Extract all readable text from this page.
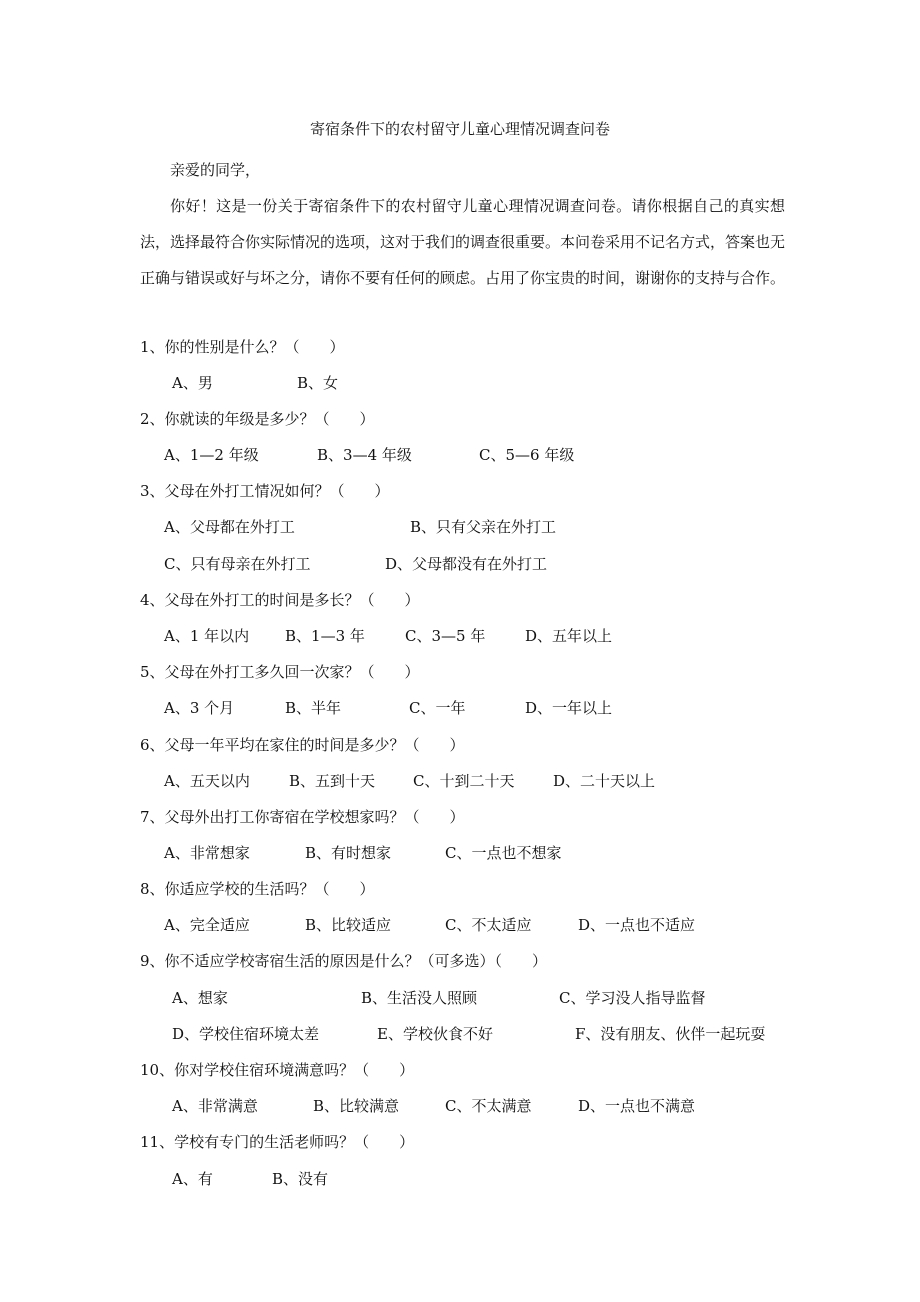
寄宿条件下的农村留守儿童心理情况调查问卷
亲爱的同学，
你好！这是一份关于寄宿条件下的农村留守儿童心理情况调查问卷。请你根据自己的真实想法，选择最符合你实际情况的选项，这对于我们的调查很重要。本问卷采用不记名方式，答案也无正确与错误或好与坏之分，请你不要有任何的顾虑。占用了你宝贵的时间，谢谢你的支持与合作。
1、你的性别是什么？（　　）
A、男	B、女
2、你就读的年级是多少？（　　）
A、1—2 年级	B、3—4 年级	C、5—6 年级
3、父母在外打工情况如何？（　　）
A、父母都在外打工	B、只有父亲在外打工
C、只有母亲在外打工	D、父母都没有在外打工
4、父母在外打工的时间是多长？（　　）
A、1 年以内 B、1—3 年	C、3—5 年	D、五年以上
5、父母在外打工多久回一次家？（　　）
A、3 个月	B、半年	C、一年	D、一年以上
6、父母一年平均在家住的时间是多少？（　　）
A、五天以内	B、五到十天	C、十到二十天	D、二十天以上
7、父母外出打工你寄宿在学校想家吗？（　　）
A、非常想家	B、有时想家	C、一点也不想家
8、你适应学校的生活吗？（　　）
A、完全适应	B、比较适应	C、不太适应	D、一点也不适应
9、你不适应学校寄宿生活的原因是什么？（可多选）（　　）
A、想家	B、生活没人照顾	C、学习没人指导监督
D、学校住宿环境太差	E、学校伙食不好	F、没有朋友、伙伴一起玩耍
10、你对学校住宿环境满意吗？（　　）
A、非常满意	B、比较满意	C、不太满意	D、一点也不满意
11、学校有专门的生活老师吗？（　　）
A、有	B、没有
